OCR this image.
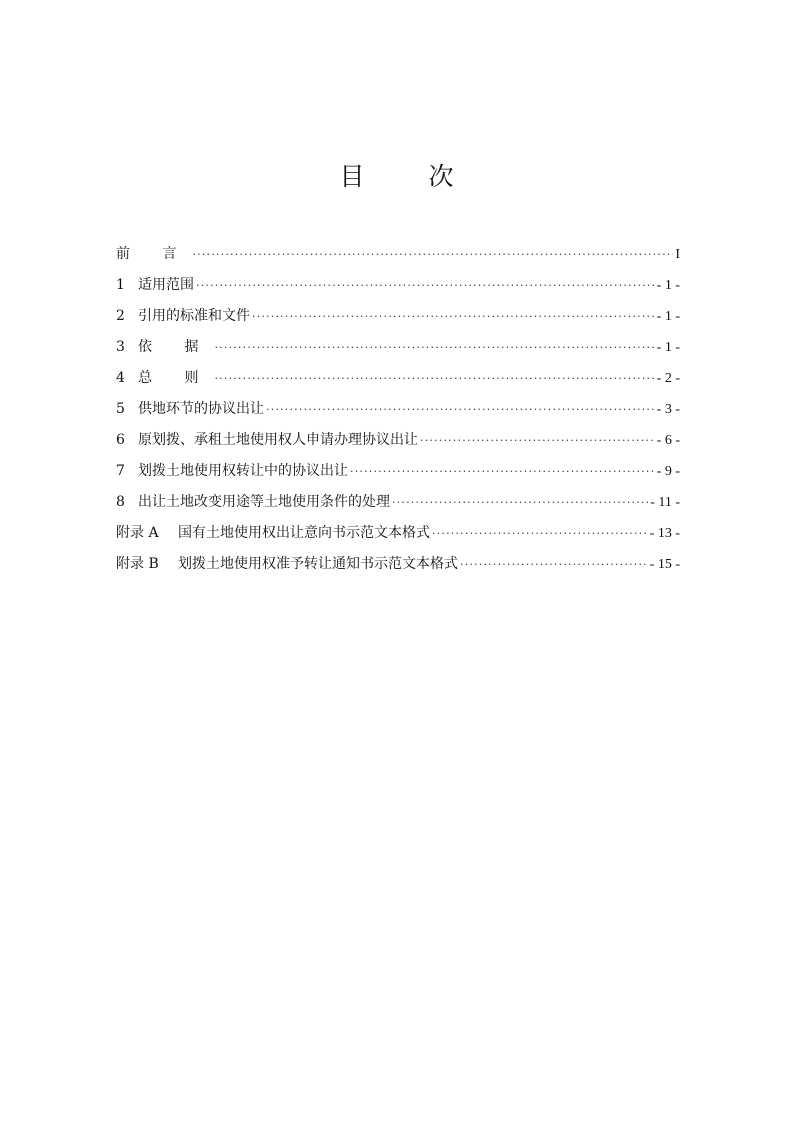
目 次
前 言 ·····	I
1 适用范围 ·····	- 1 -
2 引用的标准和文件 ·····	- 1 -
3 依 据 ·····	- 1 -
4 总 则 ·····	- 2 -
5 供地环节的协议出让 ·····	- 3 -
6 原划拨、承租土地使用权人申请办理协议出让 ·····	- 6 -
7 划拨土地使用权转让中的协议出让 ·····	- 9 -
8 出让土地改变用途等土地使用条件的处理 ·····	- 11 -
附录 A	国有土地使用权出让意向书示范文本格式 ·····	- 13 -
附录 B	划拨土地使用权准予转让通知书示范文本格式 ·····	- 15 -
